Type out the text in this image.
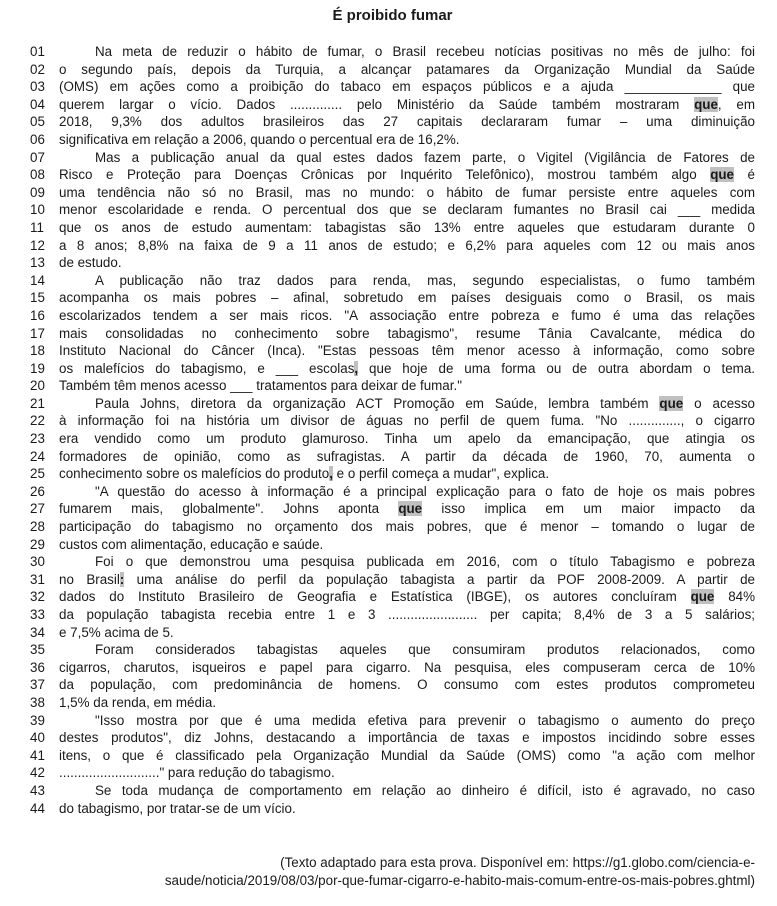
É proibido fumar
01	Na meta de reduzir o hábito de fumar, o Brasil recebeu notícias positivas no mês de julho: foi
02	o segundo país, depois da Turquia, a alcançar patamares da Organização Mundial da Saúde
03	(OMS) em ações como a proibição do tabaco em espaços públicos e a ajuda _____________ que
04	querem largar o vício. Dados .............. pelo Ministério da Saúde também mostraram que, em
05	2018, 9,3% dos adultos brasileiros das 27 capitais declararam fumar – uma diminuição
06	significativa em relação a 2006, quando o percentual era de 16,2%.
07	Mas a publicação anual da qual estes dados fazem parte, o Vigitel (Vigilância de Fatores de
08	Risco e Proteção para Doenças Crônicas por Inquérito Telefônico), mostrou também algo que é
09	uma tendência não só no Brasil, mas no mundo: o hábito de fumar persiste entre aqueles com
10	menor escolaridade e renda. O percentual dos que se declaram fumantes no Brasil cai ___ medida
11	que os anos de estudo aumentam: tabagistas são 13% entre aqueles que estudaram durante 0
12	a 8 anos; 8,8% na faixa de 9 a 11 anos de estudo; e 6,2% para aqueles com 12 ou mais anos
13	de estudo.
14	A publicação não traz dados para renda, mas, segundo especialistas, o fumo também
15	acompanha os mais pobres – afinal, sobretudo em países desiguais como o Brasil, os mais
16	escolarizados tendem a ser mais ricos. "A associação entre pobreza e fumo é uma das relações
17	mais consolidadas no conhecimento sobre tabagismo", resume Tânia Cavalcante, médica do
18	Instituto Nacional do Câncer (Inca). "Estas pessoas têm menor acesso à informação, como sobre
19	os malefícios do tabagismo, e ___ escolas, que hoje de uma forma ou de outra abordam o tema.
20	Também têm menos acesso ___ tratamentos para deixar de fumar."
21	Paula Johns, diretora da organização ACT Promoção em Saúde, lembra também que o acesso
22	à informação foi na história um divisor de águas no perfil de quem fuma. "No .............., o cigarro
23	era vendido como um produto glamuroso. Tinha um apelo da emancipação, que atingia os
24	formadores de opinião, como as sufragistas. A partir da década de 1960, 70, aumenta o
25	conhecimento sobre os malefícios do produto, e o perfil começa a mudar", explica.
26	"A questão do acesso à informação é a principal explicação para o fato de hoje os mais pobres
27	fumarem mais, globalmente". Johns aponta que isso implica em um maior impacto da
28	participação do tabagismo no orçamento dos mais pobres, que é menor – tomando o lugar de
29	custos com alimentação, educação e saúde.
30	Foi o que demonstrou uma pesquisa publicada em 2016, com o título Tabagismo e pobreza
31	no Brasil: uma análise do perfil da população tabagista a partir da POF 2008-2009. A partir de
32	dados do Instituto Brasileiro de Geografia e Estatística (IBGE), os autores concluíram que 84%
33	da população tabagista recebia entre 1 e 3 ........................ per capita; 8,4% de 3 a 5 salários;
34	e 7,5% acima de 5.
35	Foram considerados tabagistas aqueles que consumiram produtos relacionados, como
36	cigarros, charutos, isqueiros e papel para cigarro. Na pesquisa, eles compuseram cerca de 10%
37	da população, com predominância de homens. O consumo com estes produtos comprometeu
38	1,5% da renda, em média.
39	"Isso mostra por que é uma medida efetiva para prevenir o tabagismo o aumento do preço
40	destes produtos", diz Johns, destacando a importância de taxas e impostos incidindo sobre esses
41	itens, o que é classificado pela Organização Mundial da Saúde (OMS) como "a ação com melhor
42	..........................." para redução do tabagismo.
43	Se toda mudança de comportamento em relação ao dinheiro é difícil, isto é agravado, no caso
44	do tabagismo, por tratar-se de um vício.
(Texto adaptado para esta prova. Disponível em: https://g1.globo.com/ciencia-e-
saude/noticia/2019/08/03/por-que-fumar-cigarro-e-habito-mais-comum-entre-os-mais-pobres.ghtml)
